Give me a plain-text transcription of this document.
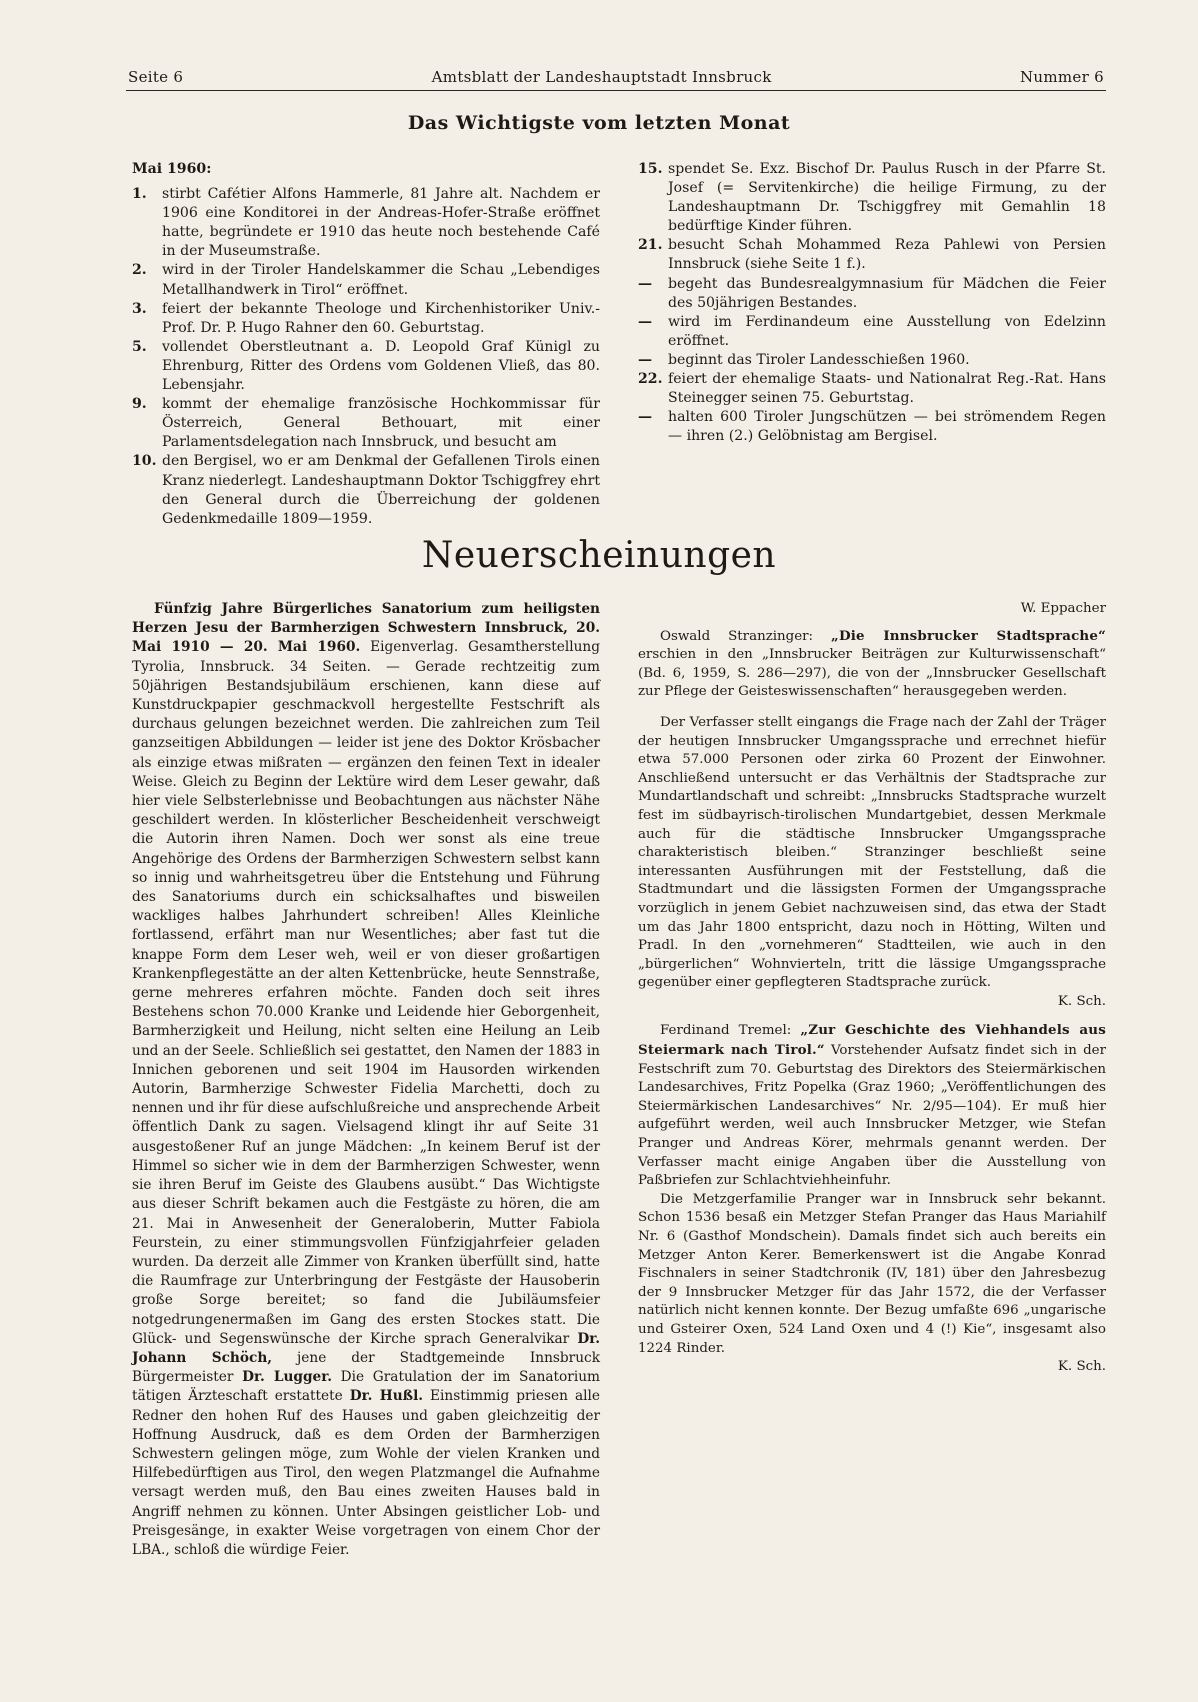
Seite 6	Amtsblatt der Landeshauptstadt Innsbruck	Nummer 6
Das Wichtigste vom letzten Monat

Mai 1960:

1.	stirbt Cafétier Alfons Hammerle, 81 Jahre alt. Nachdem er 1906 eine Konditorei in der Andreas-Hofer-Straße eröffnet hatte, begründete er 1910 das heute noch bestehende Café in der Museumstraße.
2.	wird in der Tiroler Handelskammer die Schau „Lebendiges Metallhandwerk in Tirol“ eröffnet.
3.	feiert der bekannte Theologe und Kirchenhistoriker Univ.-Prof. Dr. P. Hugo Rahner den 60. Geburtstag.
5.	vollendet Oberstleutnant a. D. Leopold Graf Künigl zu Ehrenburg, Ritter des Ordens vom Goldenen Vließ, das 80. Lebensjahr.
9.	kommt der ehemalige französische Hochkommissar für Österreich, General Bethouart, mit einer Parlamentsdelegation nach Innsbruck, und besucht am
10. den Bergisel, wo er am Denkmal der Gefallenen Tirols einen Kranz niederlegt. Landeshauptmann Doktor Tschiggfrey ehrt den General durch die Überreichung der goldenen Gedenkmedaille 1809—1959.
15. spendet Se. Exz. Bischof Dr. Paulus Rusch in der Pfarre St. Josef (= Servitenkirche) die heilige Firmung, zu der Landeshauptmann Dr. Tschiggfrey mit Gemahlin 18 bedürftige Kinder führen.
21. besucht Schah Mohammed Reza Pahlewi von Persien Innsbruck (siehe Seite 1 f.).
—	begeht das Bundesrealgymnasium für Mädchen die Feier des 50jährigen Bestandes.
—	wird im Ferdinandeum eine Ausstellung von Edelzinn eröffnet.
—	beginnt das Tiroler Landesschießen 1960.
22. feiert der ehemalige Staats- und Nationalrat Reg.-Rat. Hans Steinegger seinen 75. Geburtstag.
—	halten 600 Tiroler Jungschützen — bei strömendem Regen — ihren (2.) Gelöbnistag am Bergisel.
Neuerscheinungen

Fünfzig Jahre Bürgerliches Sanatorium zum heiligsten Herzen Jesu der Barmherzigen Schwestern Innsbruck, 20. Mai 1910 — 20. Mai 1960. Eigenverlag. Gesamtherstellung Tyrolia, Innsbruck. 34 Seiten. — Gerade rechtzeitig zum 50jährigen Bestandsjubiläum erschienen, kann diese auf Kunstdruckpapier geschmackvoll hergestellte Festschrift als durchaus gelungen bezeichnet werden. Die zahlreichen zum Teil ganzseitigen Abbildungen — leider ist jene des Doktor Krösbacher als einzige etwas mißraten — ergänzen den feinen Text in idealer Weise. Gleich zu Beginn der Lektüre wird dem Leser gewahr, daß hier viele Selbsterlebnisse und Beobachtungen aus nächster Nähe geschildert werden. In klösterlicher Bescheidenheit verschweigt die Autorin ihren Namen. Doch wer sonst als eine treue Angehörige des Ordens der Barmherzigen Schwestern selbst kann so innig und wahrheitsgetreu über die Entstehung und Führung des Sanatoriums durch ein schicksalhaftes und bisweilen wackliges halbes Jahrhundert schreiben! Alles Kleinliche fortlassend, erfährt man nur Wesentliches; aber fast tut die knappe Form dem Leser weh, weil er von dieser großartigen Krankenpflegestätte an der alten Kettenbrücke, heute Sennstraße, gerne mehreres erfahren möchte. Fanden doch seit ihres Bestehens schon 70.000 Kranke und Leidende hier Geborgenheit, Barmherzigkeit und Heilung, nicht selten eine Heilung an Leib und an der Seele. Schließlich sei gestattet, den Namen der 1883 in Innichen geborenen und seit 1904 im Hausorden wirkenden Autorin, Barmherzige Schwester Fidelia Marchetti, doch zu nennen und ihr für diese aufschlußreiche und ansprechende Arbeit öffentlich Dank zu sagen. Vielsagend klingt ihr auf Seite 31 ausgestoßener Ruf an junge Mädchen: „In keinem Beruf ist der Himmel so sicher wie in dem der Barmherzigen Schwester, wenn sie ihren Beruf im Geiste des Glaubens ausübt.“ Das Wichtigste aus dieser Schrift bekamen auch die Festgäste zu hören, die am 21. Mai in Anwesenheit der Generaloberin, Mutter Fabiola Feurstein, zu einer stimmungsvollen Fünfzigjahrfeier geladen wurden. Da derzeit alle Zimmer von Kranken überfüllt sind, hatte die Raumfrage zur Unterbringung der Festgäste der Hausoberin große Sorge bereitet; so fand die Jubiläumsfeier notgedrungenermaßen im Gang des ersten Stockes statt. Die Glück- und Segenswünsche der Kirche sprach Generalvikar Dr. Johann Schöch, jene der Stadtgemeinde Innsbruck Bürgermeister Dr. Lugger. Die Gratulation der im Sanatorium tätigen Ärzteschaft erstattete Dr. Hußl. Einstimmig priesen alle Redner den hohen Ruf des Hauses und gaben gleichzeitig der Hoffnung Ausdruck, daß es dem Orden der Barmherzigen Schwestern gelingen möge, zum Wohle der vielen Kranken und Hilfebedürftigen aus Tirol, den wegen Platzmangel die Aufnahme versagt werden muß, den Bau eines zweiten Hauses bald in Angriff nehmen zu können. Unter Absingen geistlicher Lob- und Preisgesänge, in exakter Weise vorgetragen von einem Chor der LBA., schloß die würdige Feier.

W. Eppacher

Oswald Stranzinger: „Die Innsbrucker Stadtsprache“ erschien in den „Innsbrucker Beiträgen zur Kulturwissenschaft“ (Bd. 6, 1959, S. 286—297), die von der „Innsbrucker Gesellschaft zur Pflege der Geisteswissenschaften“ herausgegeben werden.

Der Verfasser stellt eingangs die Frage nach der Zahl der Träger der heutigen Innsbrucker Umgangssprache und errechnet hiefür etwa 57.000 Personen oder zirka 60 Prozent der Einwohner. Anschließend untersucht er das Verhältnis der Stadtsprache zur Mundartlandschaft und schreibt: „Innsbrucks Stadtsprache wurzelt fest im südbayrisch-tirolischen Mundartgebiet, dessen Merkmale auch für die städtische Innsbrucker Umgangssprache charakteristisch bleiben.“ Stranzinger beschließt seine interessanten Ausführungen mit der Feststellung, daß die Stadtmundart und die lässigsten Formen der Umgangssprache vorzüglich in jenem Gebiet nachzuweisen sind, das etwa der Stadt um das Jahr 1800 entspricht, dazu noch in Hötting, Wilten und Pradl. In den „vornehmeren“ Stadtteilen, wie auch in den „bürgerlichen“ Wohnvierteln, tritt die lässige Umgangssprache gegenüber einer gepflegteren Stadtsprache zurück.

K. Sch.

Ferdinand Tremel: „Zur Geschichte des Viehhandels aus Steiermark nach Tirol.“ Vorstehender Aufsatz findet sich in der Festschrift zum 70. Geburtstag des Direktors des Steiermärkischen Landesarchives, Fritz Popelka (Graz 1960; „Veröffentlichungen des Steiermärkischen Landesarchives“ Nr. 2/95—104). Er muß hier aufgeführt werden, weil auch Innsbrucker Metzger, wie Stefan Pranger und Andreas Körer, mehrmals genannt werden. Der Verfasser macht einige Angaben über die Ausstellung von Paßbriefen zur Schlachtviehheinfuhr.

Die Metzgerfamilie Pranger war in Innsbruck sehr bekannt. Schon 1536 besaß ein Metzger Stefan Pranger das Haus Mariahilf Nr. 6 (Gasthof Mondschein). Damals findet sich auch bereits ein Metzger Anton Kerer. Bemerkenswert ist die Angabe Konrad Fischnalers in seiner Stadtchronik (IV, 181) über den Jahresbezug der 9 Innsbrucker Metzger für das Jahr 1572, die der Verfasser natürlich nicht kennen konnte. Der Bezug umfaßte 696 „ungarische und Gsteirer Oxen, 524 Land Oxen und 4 (!) Kie“, insgesamt also 1224 Rinder.

K. Sch.
